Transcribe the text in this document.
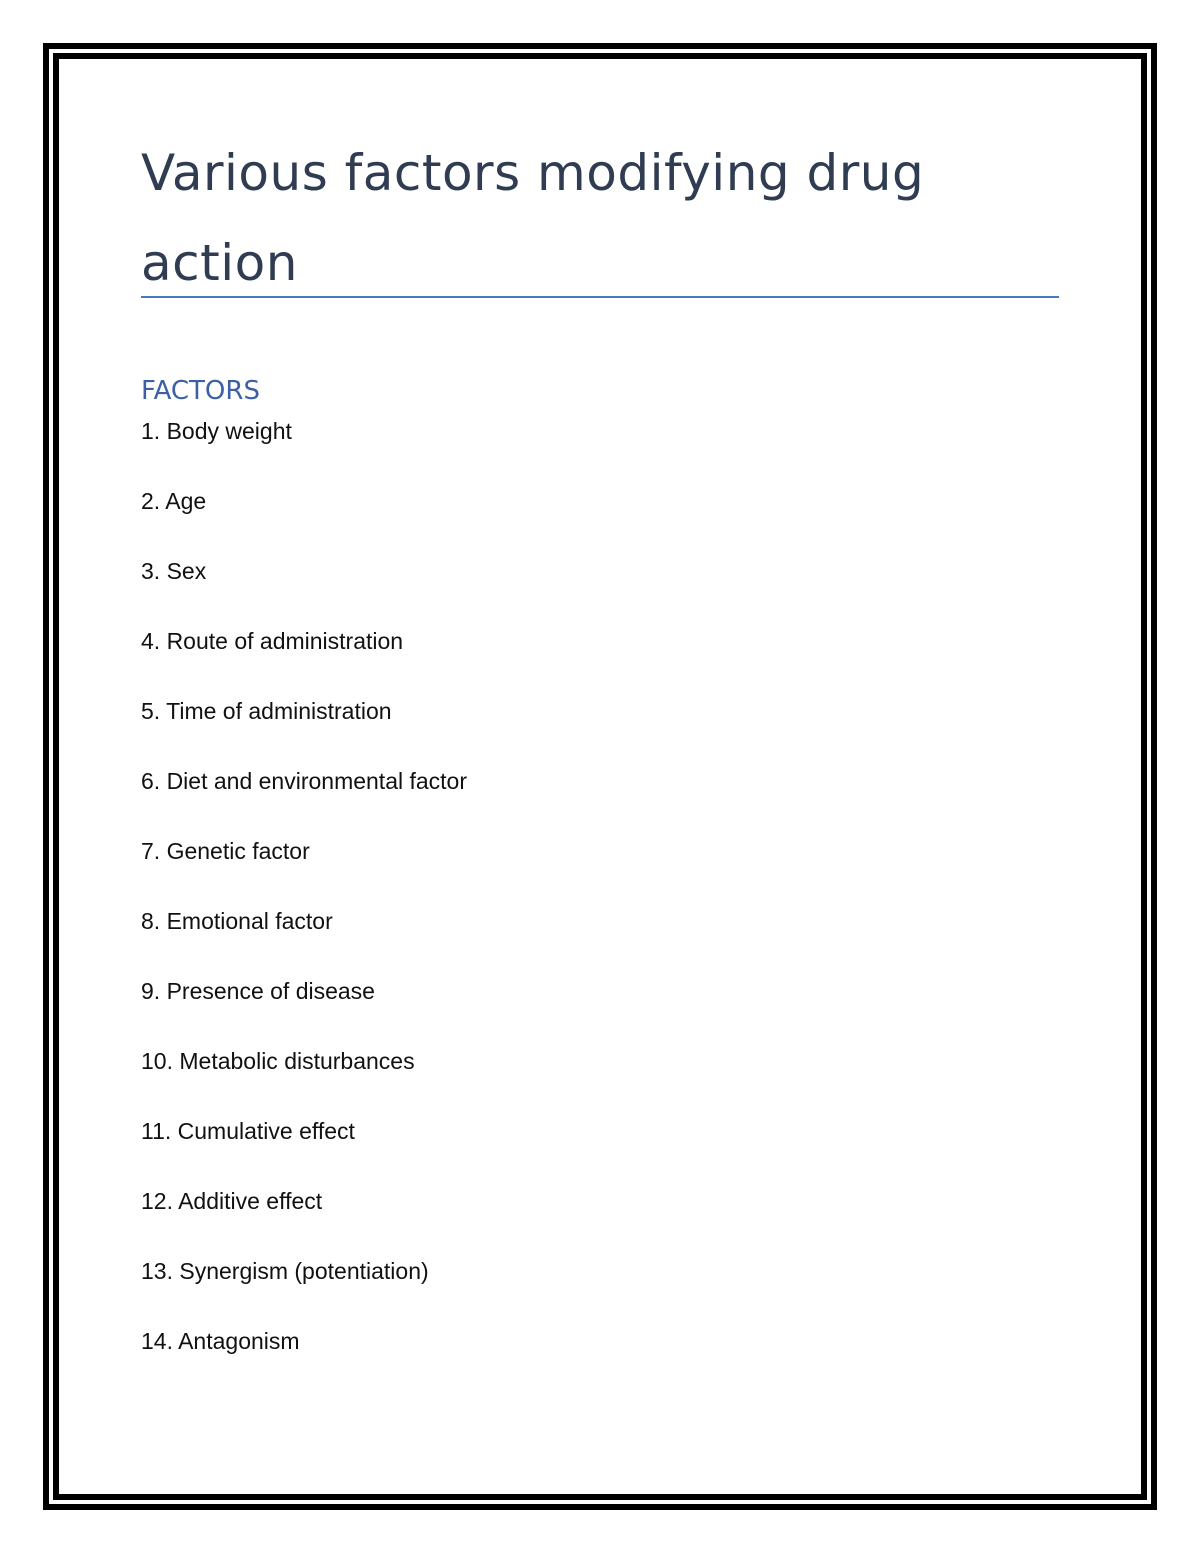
Various factors modifying drug action
FACTORS
1. Body weight
2. Age
3. Sex
4. Route of administration
5. Time of administration
6. Diet and environmental factor
7. Genetic factor
8. Emotional factor
9. Presence of disease
10. Metabolic disturbances
11. Cumulative effect
12. Additive effect
13. Synergism (potentiation)
14. Antagonism
